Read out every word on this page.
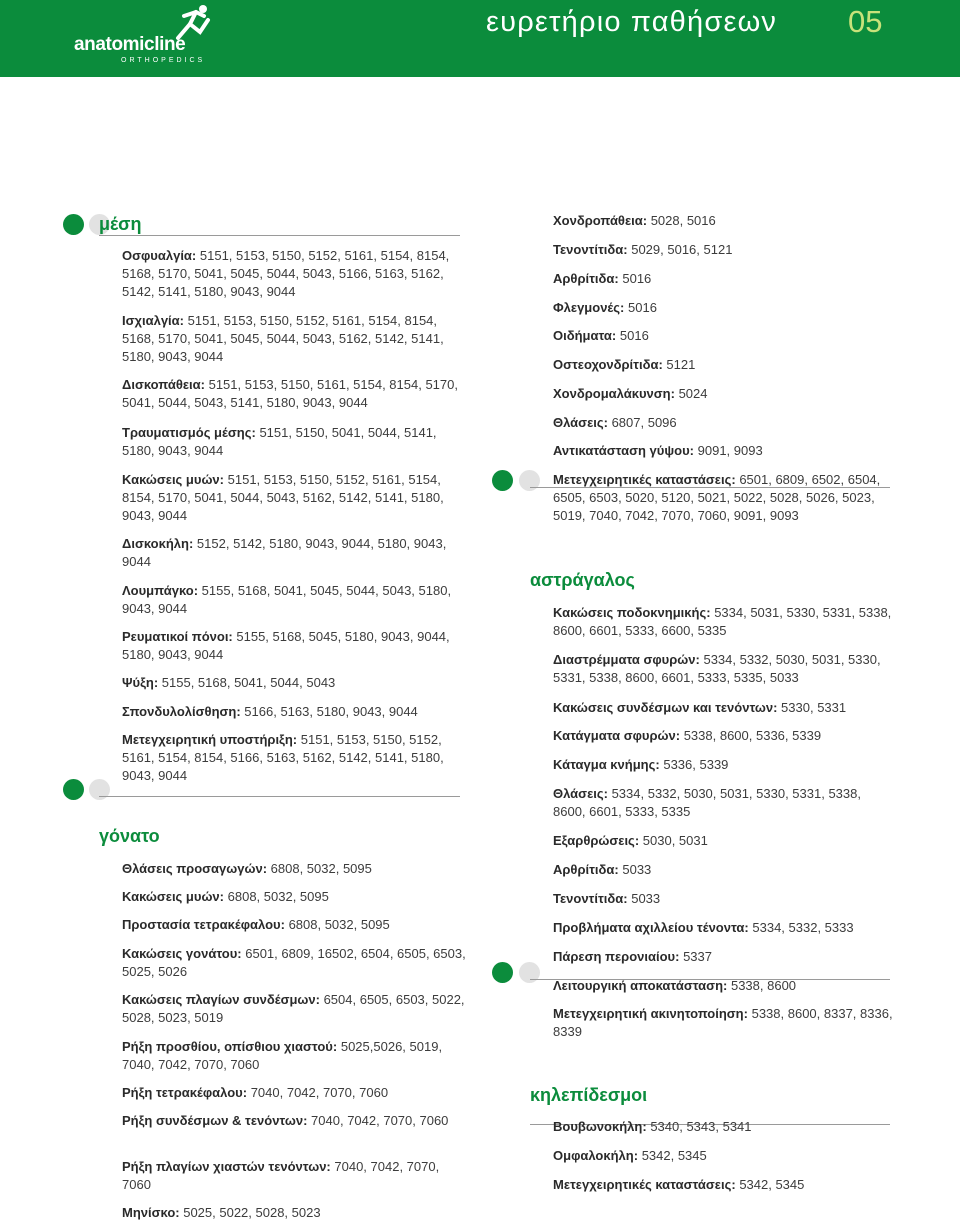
anatomicline
ORTHOPEDICS
ευρετήριο παθήσεων 05
μέση
γόνατο
Οσφυαλγία: 5151, 5153, 5150, 5152, 5161, 5154, 8154, 5168, 5170, 5041, 5045, 5044, 5043, 5166, 5163, 5162, 5142, 5141, 5180, 9043, 9044
Ισχιαλγία: 5151, 5153, 5150, 5152, 5161, 5154, 8154, 5168, 5170, 5041, 5045, 5044, 5043, 5162, 5142, 5141, 5180, 9043, 9044
Δισκοπάθεια: 5151, 5153, 5150, 5161, 5154, 8154, 5170, 5041, 5044, 5043, 5141, 5180, 9043, 9044
Τραυματισμός μέσης: 5151, 5150, 5041, 5044, 5141, 5180, 9043, 9044
Κακώσεις μυών: 5151, 5153, 5150, 5152, 5161, 5154, 8154, 5170, 5041, 5044, 5043, 5162, 5142, 5141, 5180, 9043, 9044
Δισκοκήλη: 5152, 5142, 5180, 9043, 9044, 5180, 9043, 9044
Λουμπάγκο: 5155, 5168, 5041, 5045, 5044, 5043, 5180, 9043, 9044
Ρευματικοί πόνοι: 5155, 5168, 5045, 5180, 9043, 9044, 5180, 9043, 9044
Ψύξη: 5155, 5168, 5041, 5044, 5043
Σπονδυλολίσθηση: 5166, 5163, 5180, 9043, 9044
Μετεγχειρητική υποστήριξη: 5151, 5153, 5150, 5152, 5161, 5154, 8154, 5166, 5163, 5162, 5142, 5141, 5180, 9043, 9044
Θλάσεις προσαγωγών: 6808, 5032, 5095
Κακώσεις μυών: 6808, 5032, 5095
Προστασία τετρακέφαλου: 6808, 5032, 5095
Κακώσεις γονάτου: 6501, 6809, 16502, 6504, 6505, 6503, 5025, 5026
Κακώσεις πλαγίων συνδέσμων: 6504, 6505, 6503, 5022, 5028, 5023, 5019
Ρήξη προσθίου, οπίσθιου χιαστού: 5025,5026, 5019, 7040, 7042, 7070, 7060
Ρήξη τετρακέφαλου: 7040, 7042, 7070, 7060
Ρήξη συνδέσμων & τενόντων: 7040, 7042, 7070, 7060
Ρήξη πλαγίων χιαστών τενόντων: 7040, 7042, 7070, 7060
Μηνίσκο: 5025, 5022, 5028, 5023
αστράγαλος
κηλεπίδεσμοι
Χονδροπάθεια: 5028, 5016
Τενοντίτιδα: 5029, 5016, 5121
Αρθρίτιδα: 5016
Φλεγμονές: 5016
Οιδήματα: 5016
Οστεοχονδρίτιδα: 5121
Χονδρομαλάκυνση: 5024
Θλάσεις: 6807, 5096
Αντικατάσταση γύψου: 9091, 9093
Μετεγχειρητικές καταστάσεις: 6501, 6809, 6502, 6504, 6505, 6503, 5020, 5120, 5021, 5022, 5028, 5026, 5023, 5019, 7040, 7042, 7070, 7060, 9091, 9093
Κακώσεις ποδοκνημικής: 5334, 5031, 5330, 5331, 5338, 8600, 6601, 5333, 6600, 5335
Διαστρέμματα σφυρών: 5334, 5332, 5030, 5031, 5330, 5331, 5338, 8600, 6601, 5333, 5335, 5033
Κακώσεις συνδέσμων και τενόντων: 5330, 5331
Κατάγματα σφυρών: 5338, 8600, 5336, 5339
Κάταγμα κνήμης: 5336, 5339
Θλάσεις: 5334, 5332, 5030, 5031, 5330, 5331, 5338, 8600, 6601, 5333, 5335
Εξαρθρώσεις: 5030, 5031
Αρθρίτιδα: 5033
Τενοντίτιδα: 5033
Προβλήματα αχιλλείου τένοντα: 5334, 5332, 5333
Πάρεση περονιαίου: 5337
Λειτουργική αποκατάσταση: 5338, 8600
Μετεγχειρητική ακινητοποίηση: 5338, 8600, 8337, 8336, 8339
Βουβωνοκήλη: 5340, 5343, 5341
Ομφαλοκήλη: 5342, 5345
Μετεγχειρητικές καταστάσεις: 5342, 5345
